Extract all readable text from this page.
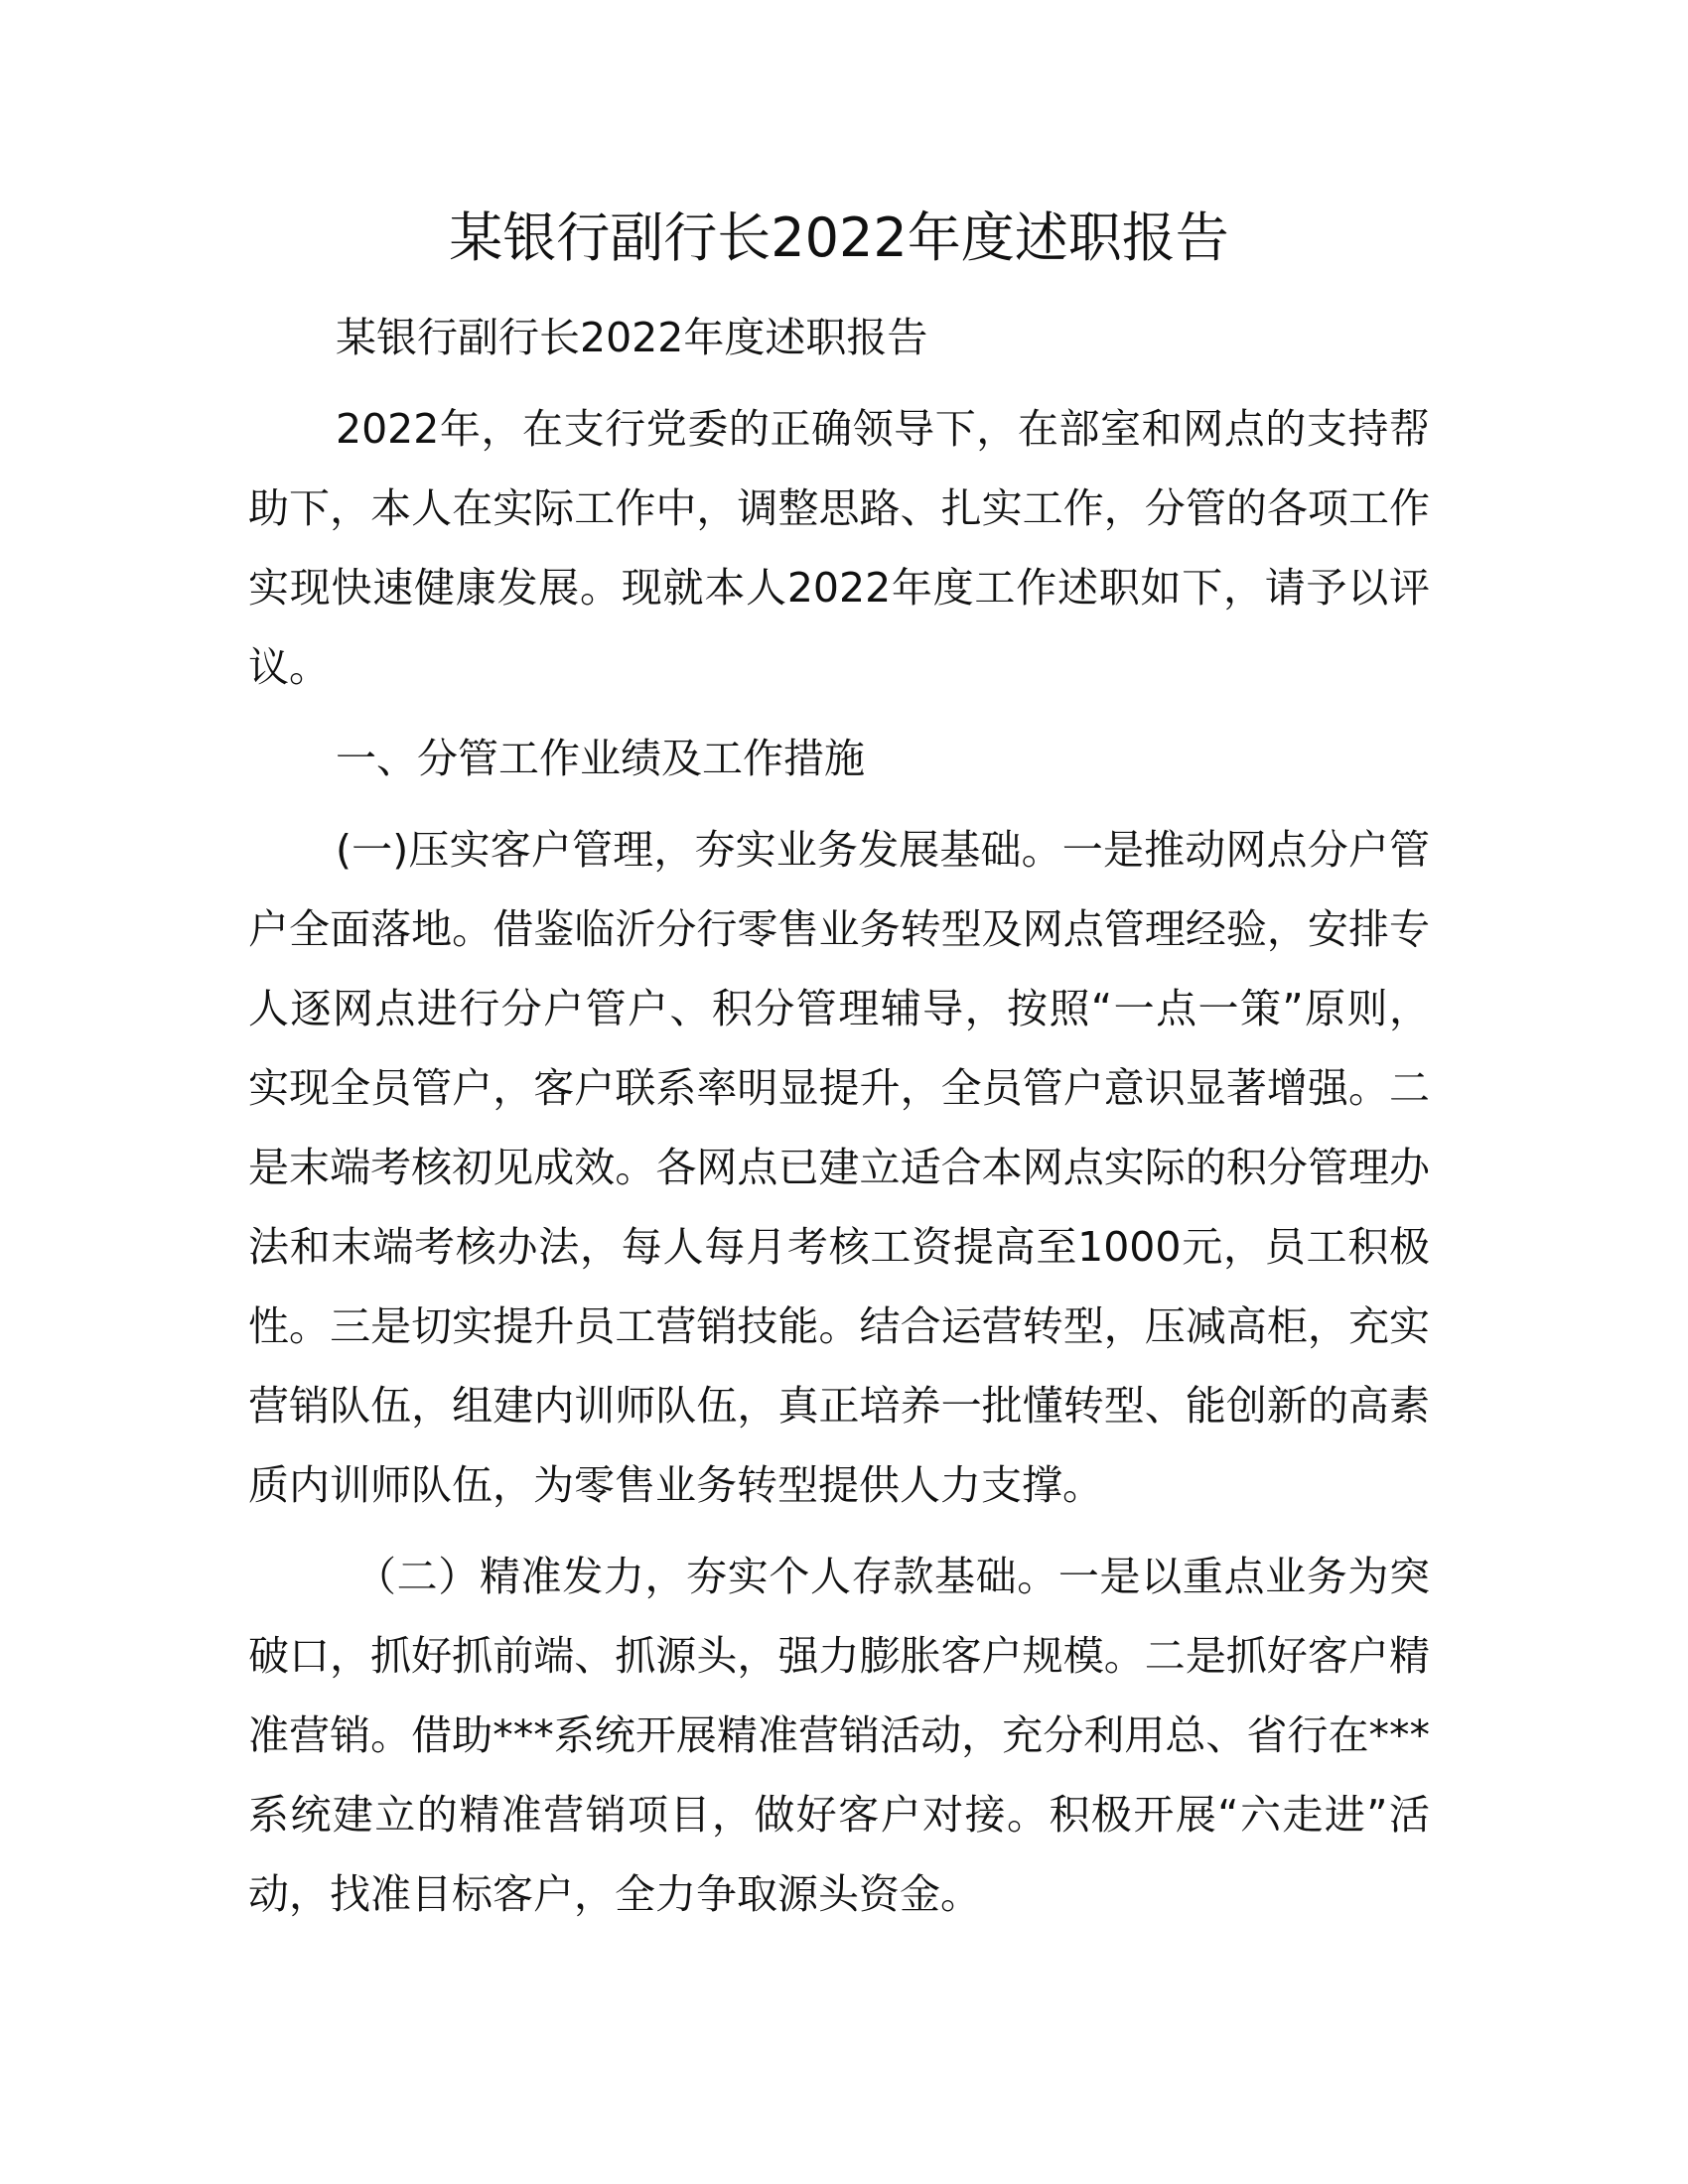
某银行副行长2022年度述职报告

某银行副行长2022年度述职报告

2022年，在支行党委的正确领导下，在部室和网点的支持帮助下，本人在实际工作中，调整思路、扎实工作，分管的各项工作实现快速健康发展。现就本人2022年度工作述职如下，请予以评议。

一、分管工作业绩及工作措施

(一)压实客户管理，夯实业务发展基础。一是推动网点分户管户全面落地。借鉴临沂分行零售业务转型及网点管理经验，安排专人逐网点进行分户管户、积分管理辅导，按照“一点一策”原则，实现全员管户，客户联系率明显提升，全员管户意识显著增强。二是末端考核初见成效。各网点已建立适合本网点实际的积分管理办法和末端考核办法，每人每月考核工资提高至1000元，员工积极性。三是切实提升员工营销技能。结合运营转型，压减高柜，充实营销队伍，组建内训师队伍，真正培养一批懂转型、能创新的高素质内训师队伍，为零售业务转型提供人力支撑。

（二）精准发力，夯实个人存款基础。一是以重点业务为突破口，抓好抓前端、抓源头，强力膨胀客户规模。二是抓好客户精准营销。借助***系统开展精准营销活动，充分利用总、省行在***系统建立的精准营销项目，做好客户对接。积极开展“六走进”活动，找准目标客户，全力争取源头资金。
